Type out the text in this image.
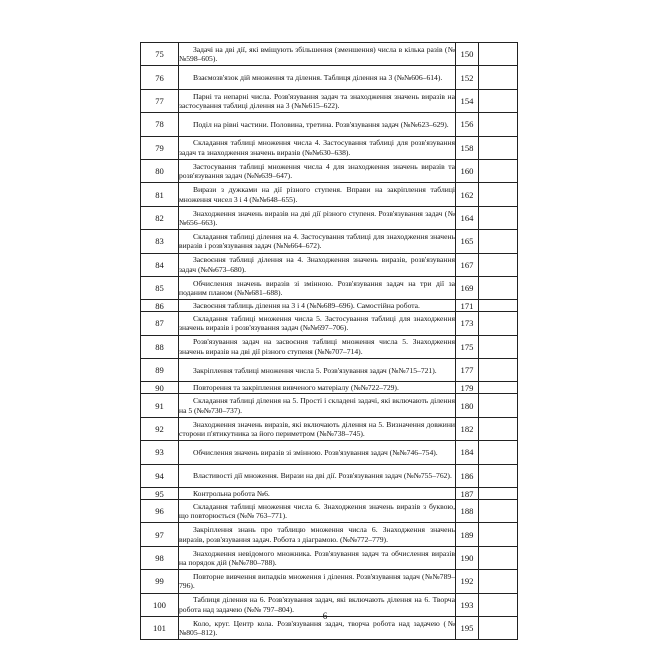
75	Задачі на дві дії, які вміщують збільшення (зменшення) числа в кілька разів (№№598–605).	150	
76	Взаємозв'язок дій множення та ділення. Таблиця ділення на 3 (№№606–614).	152	
77	Парні та непарні числа. Розв'язування задач та знаходження значень виразів на застосування таблиці ділення на 3 (№№615–622).	154	
78	Поділ на рівні частини. Половина, третина. Розв'язування задач (№№623–629).	156	
79	Складання таблиці множення числа 4. Застосування таблиці для розв'язування задач та знаходження значень виразів (№№630–638).	158	
80	Застосування таблиці множення числа 4 для знаходження значень виразів та розв'язування задач (№№639–647).	160	
81	Вирази з дужками на дії різного ступеня. Вправи на закріплення таблиці множення чисел 3 і 4 (№№648–655).	162	
82	Знаходження значень виразів на дві дії різного ступеня. Розв'язування задач (№№656–663).	164	
83	Складання таблиці ділення на 4. Застосування таблиці для знаходження значень виразів і розв'язування задач (№№664–672).	165	
84	Засвоєння таблиці ділення на 4. Знаходження значень виразів, розв'язування задач (№№673–680).	167	
85	Обчислення значень виразів зі змінною. Розв'язування задач на три дії за поданим планом (№№681–688).	169	
86	Засвоєння таблиць ділення на 3 і 4 (№№689–696). Самостійна робота.	171	
87	Складання таблиці множення числа 5. Застосування таблиці для знаходження значень виразів і розв'язування задач (№№697–706).	173	
88	Розв'язування задач на засвоєння таблиці множення числа 5. Знаходження значень виразів на дві дії різного ступеня (№№707–714).	175	
89	Закріплення таблиці множення числа 5. Розв'язування задач (№№715–721).	177	
90	Повторення та закріплення вивченого матеріалу (№№722–729).	179	
91	Складання таблиці ділення на 5. Прості і складені задачі, які включають ділення на 5 (№№730–737).	180	
92	Знаходження значень виразів, які включають ділення на 5. Визначення довжини сторони п'ятикутника за його периметром (№№738–745).	182	
93	Обчислення значень виразів зі змінною. Розв'язування задач (№№746–754).	184	
94	Властивості дії множення. Вирази на дві дії. Розв'язування задач (№№755–762).	186	
95	Контрольна робота №6.	187	
96	Складання таблиці множення числа 6. Знаходження значень виразів з буквою, що повторюється (№№ 763–771).	188	
97	Закріплення знань про таблицю множення числа 6. Знаходження значень виразів, розв'язування задач. Робота з діаграмою. (№№772–779).	189	
98	Знаходження невідомого множника. Розв'язування задач та обчислення виразів на порядок дій (№№780–788).	190	
99	Повторне вивчення випадків множення і ділення. Розв'язування задач (№№789–796).	192	
100	Таблиця ділення на 6. Розв'язування задач, які включають ділення на 6. Творча робота над задачею (№№ 797–804).	193	
101	Коло, круг. Центр кола. Розв'язування задач, творча робота над задачею (№№805–812).	195	
6
